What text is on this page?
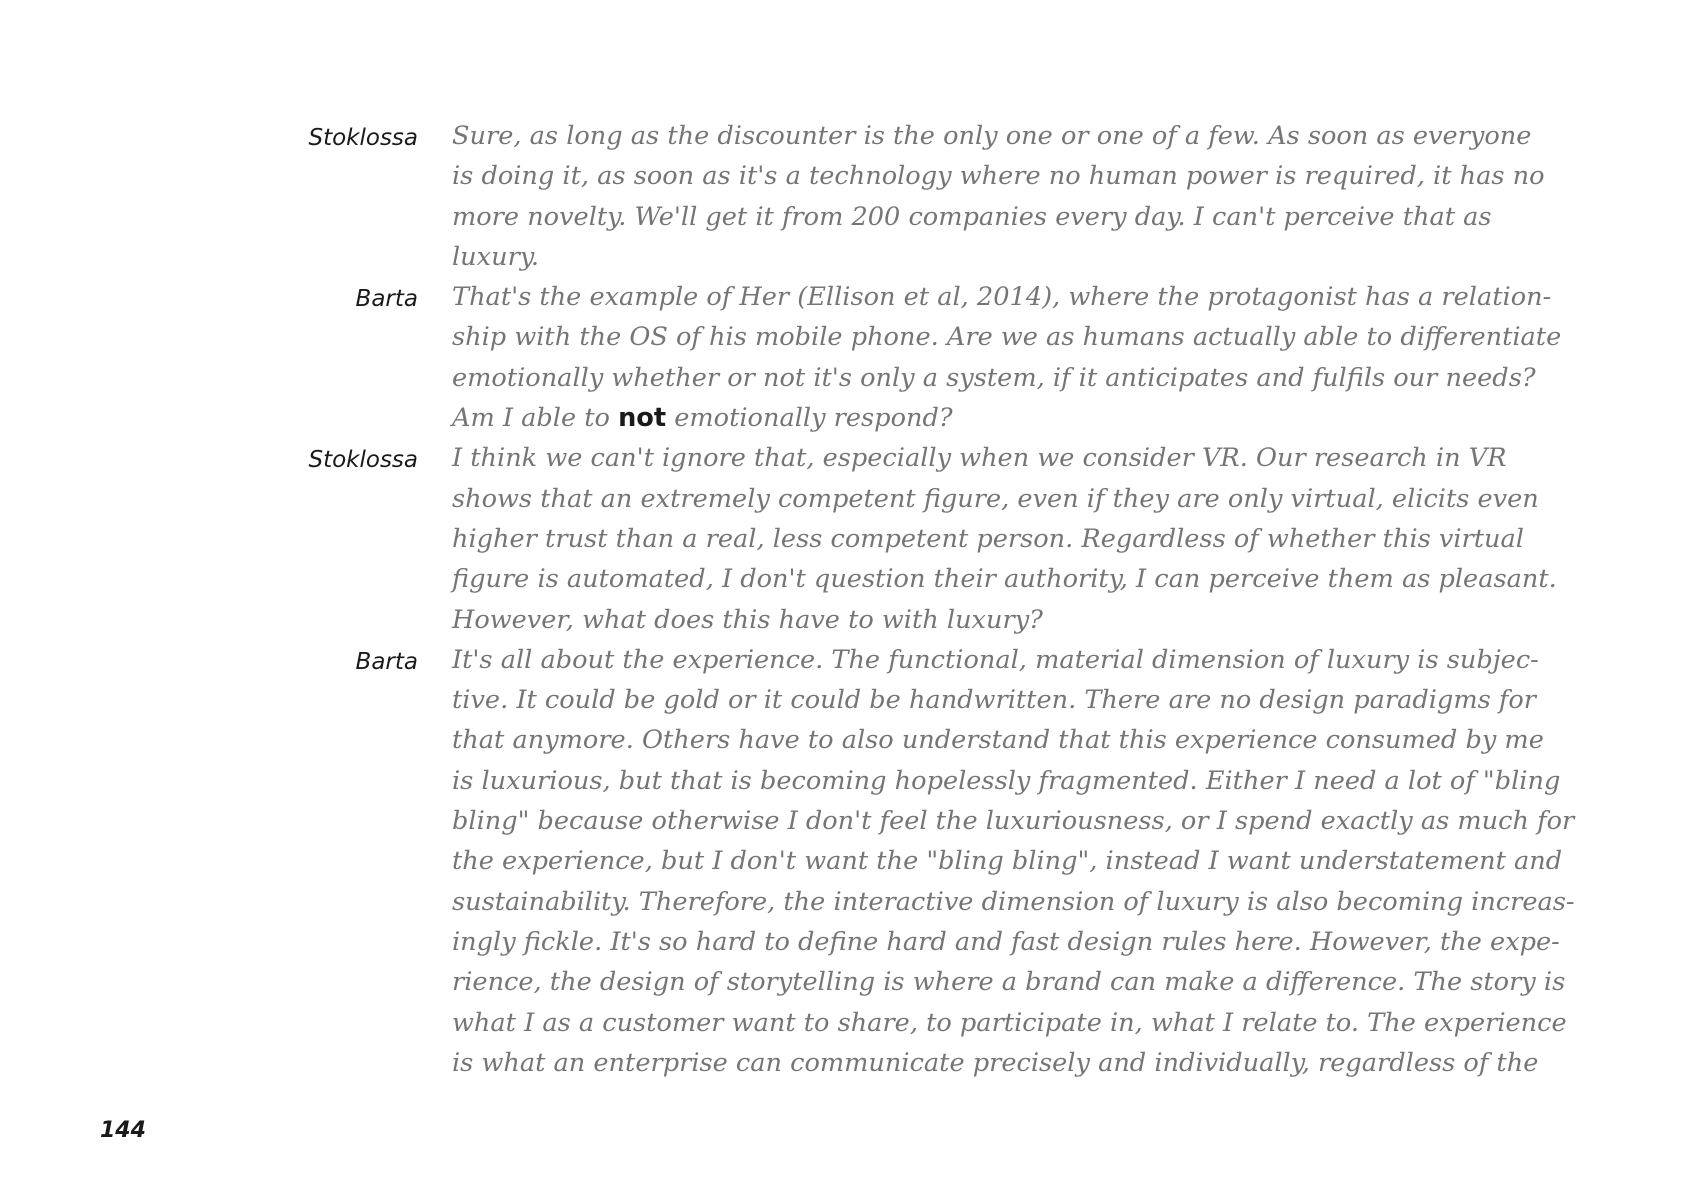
Stoklossa Sure, as long as the discounter is the only one or one of a few. As soon as everyone
is doing it, as soon as it's a technology where no human power is required, it has no
more novelty. We'll get it from 200 companies every day. I can't perceive that as
luxury.

Barta That's the example of Her (Ellison et al, 2014), where the protagonist has a relation-
ship with the OS of his mobile phone. Are we as humans actually able to differentiate
emotionally whether or not it's only a system, if it anticipates and fulfils our needs?
Am I able to not emotionally respond?

Stoklossa I think we can't ignore that, especially when we consider VR. Our research in VR
shows that an extremely competent figure, even if they are only virtual, elicits even
higher trust than a real, less competent person. Regardless of whether this virtual
figure is automated, I don't question their authority, I can perceive them as pleasant.
However, what does this have to with luxury?

Barta It's all about the experience. The functional, material dimension of luxury is subjec-
tive. It could be gold or it could be handwritten. There are no design paradigms for
that anymore. Others have to also understand that this experience consumed by me
is luxurious, but that is becoming hopelessly fragmented. Either I need a lot of "bling
bling" because otherwise I don't feel the luxuriousness, or I spend exactly as much for
the experience, but I don't want the "bling bling", instead I want understatement and
sustainability. Therefore, the interactive dimension of luxury is also becoming increas-
ingly fickle. It's so hard to define hard and fast design rules here. However, the expe-
rience, the design of storytelling is where a brand can make a difference. The story is
what I as a customer want to share, to participate in, what I relate to. The experience
is what an enterprise can communicate precisely and individually, regardless of the

144
